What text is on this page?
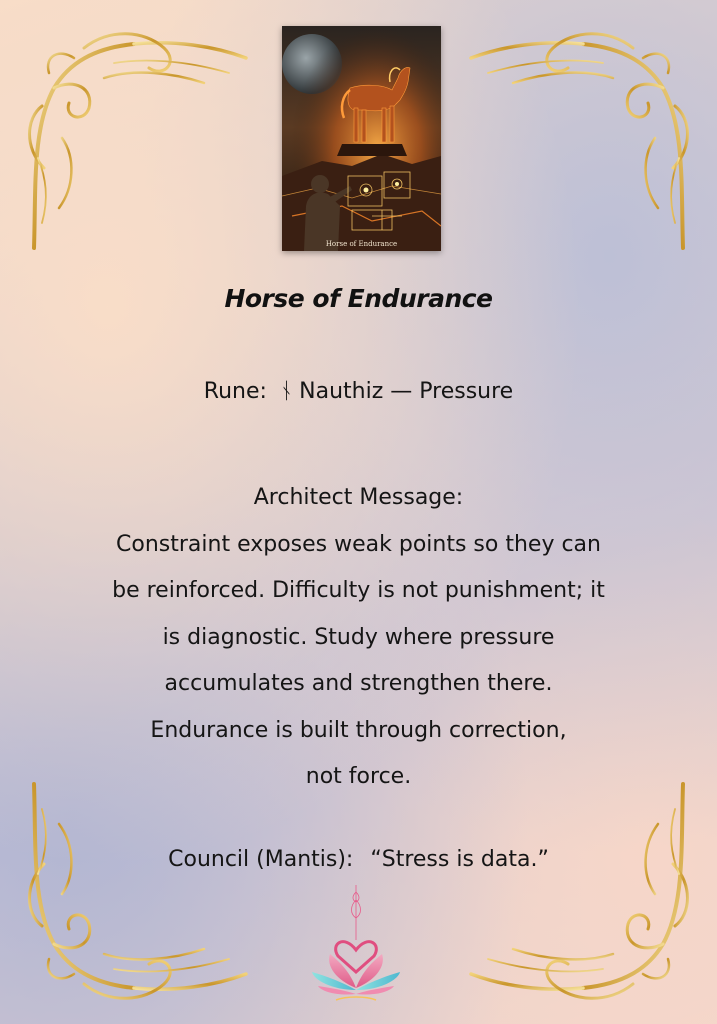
Horse of Endurance
Horse of Endurance
Rune: ᚾ Nauthiz — Pressure
Architect Message:
Constraint exposes weak points so they can
be reinforced. Difficulty is not punishment; it
is diagnostic. Study where pressure
accumulates and strengthen there.
Endurance is built through correction,
not force.
Council (Mantis): “Stress is data.”
